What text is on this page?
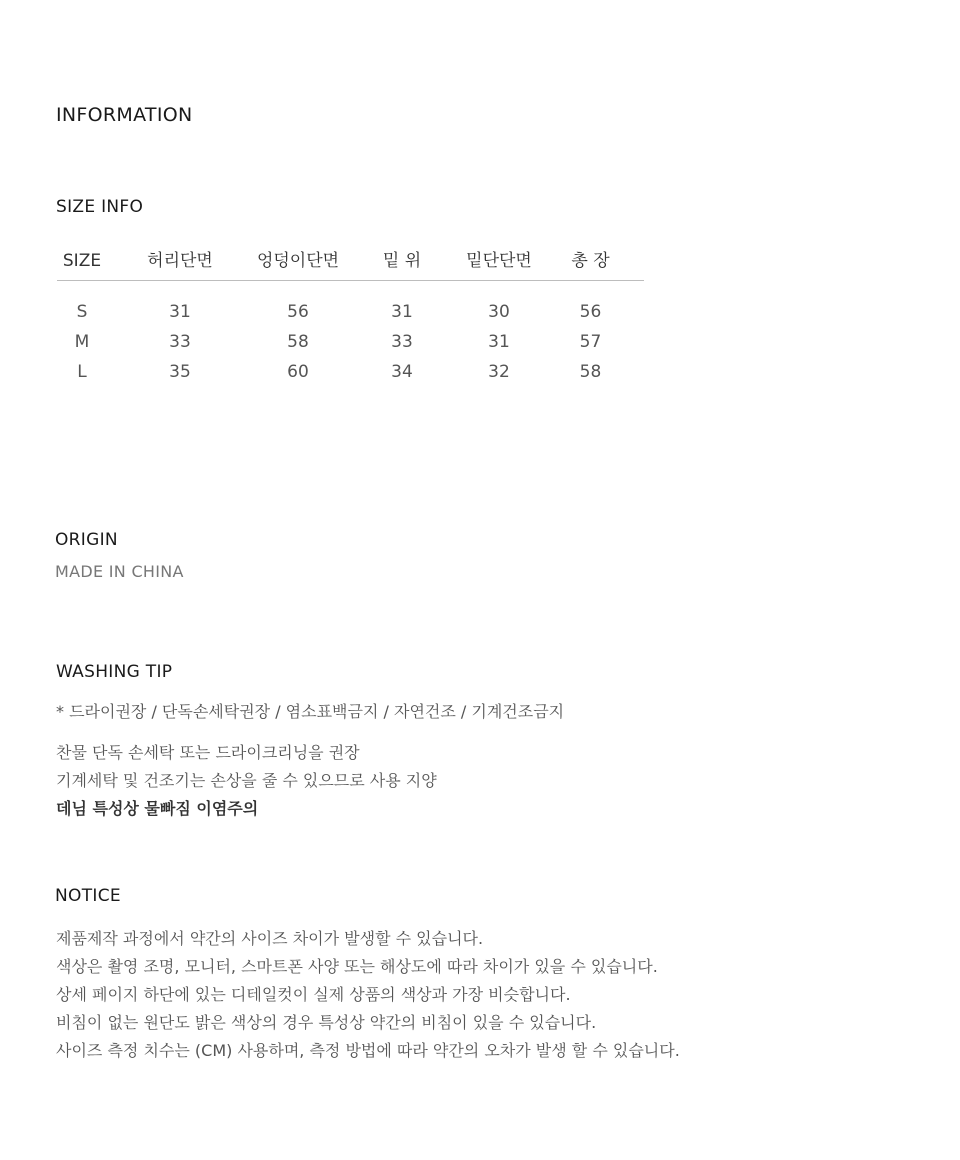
INFORMATION
SIZE INFO
SIZE	허리단면	엉덩이단면	밑 위	밑단단면	총 장
S	31	56	31	30	56
M	33	58	33	31	57
L	35	60	34	32	58
ORIGIN
MADE IN CHINA
WASHING TIP
* 드라이권장 / 단독손세탁권장 / 염소표백금지 / 자연건조 / 기계건조금지
찬물 단독 손세탁 또는 드라이크리닝을 권장
기계세탁 및 건조기는 손상을 줄 수 있으므로 사용 지양
데님 특성상 물빠짐 이염주의
NOTICE
제품제작 과정에서 약간의 사이즈 차이가 발생할 수 있습니다.
색상은 촬영 조명, 모니터, 스마트폰 사양 또는 해상도에 따라 차이가 있을 수 있습니다.
상세 페이지 하단에 있는 디테일컷이 실제 상품의 색상과 가장 비슷합니다.
비침이 없는 원단도 밝은 색상의 경우 특성상 약간의 비침이 있을 수 있습니다.
사이즈 측정 치수는 (CM) 사용하며, 측정 방법에 따라 약간의 오차가 발생 할 수 있습니다.
